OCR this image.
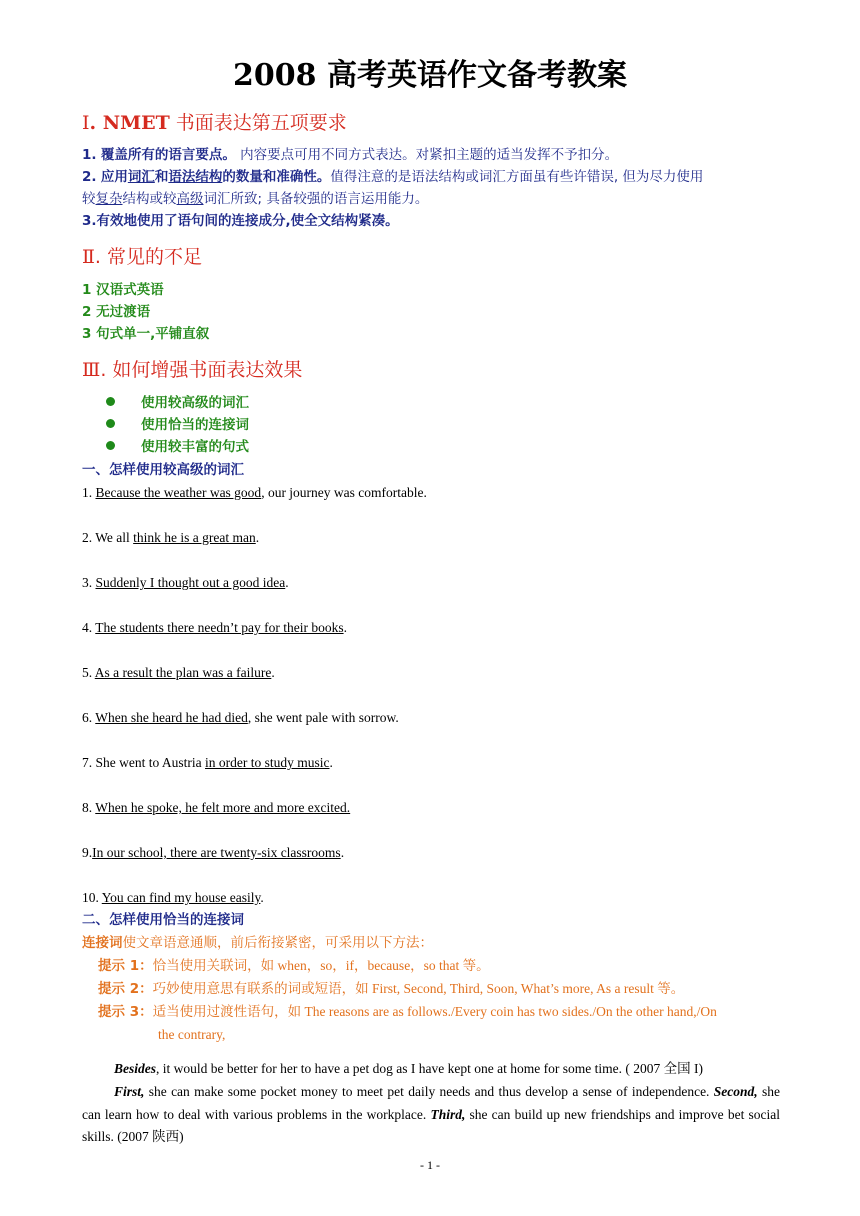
2008 高考英语作文备考教案
Ⅰ. NMET 书面表达第五项要求
1. 覆盖所有的语言要点。 内容要点可用不同方式表达。对紧扣主题的适当发挥不予扣分。
2. 应用词汇和语法结构的数量和准确性。值得注意的是语法结构或词汇方面虽有些许错误, 但为尽力使用
较复杂结构或较高级词汇所致; 具备较强的语言运用能力。
3.有效地使用了语句间的连接成分,使全文结构紧凑。
Ⅱ. 常见的不足
1 汉语式英语
2 无过渡语
3 句式单一,平铺直叙
Ⅲ. 如何增强书面表达效果
使用较高级的词汇
使用恰当的连接词
使用较丰富的句式
一、怎样使用较高级的词汇
1. Because the weather was good, our journey was comfortable.
2. We all think he is a great man.
3. Suddenly I thought out a good idea.
4. The students there needn’t pay for their books.
5. As a result the plan was a failure.
6. When she heard he had died, she went pale with sorrow.
7. She went to Austria in order to study music.
8. When he spoke, he felt more and more excited.
9.In our school, there are twenty-six classrooms.
10. You can find my house easily.
二、怎样使用恰当的连接词
连接词使文章语意通顺，前后衔接紧密，可采用以下方法：
提示 1：恰当使用关联词，如 when，so，if，because，so that 等。
提示 2：巧妙使用意思有联系的词或短语，如 First, Second, Third, Soon, What’s more, As a result 等。
提示 3：适当使用过渡性语句，如 The reasons are as follows./Every coin has two sides./On the other hand,/On
the contrary,
Besides, it would be better for her to have a pet dog as I have kept one at home for some time. ( 2007 全国 I)
First, she can make some pocket money to meet pet daily needs and thus develop a sense of independence. Second, she can learn how to deal with various problems in the workplace. Third, she can build up new friendships and improve bet social skills. (2007 陕西)
- 1 -
